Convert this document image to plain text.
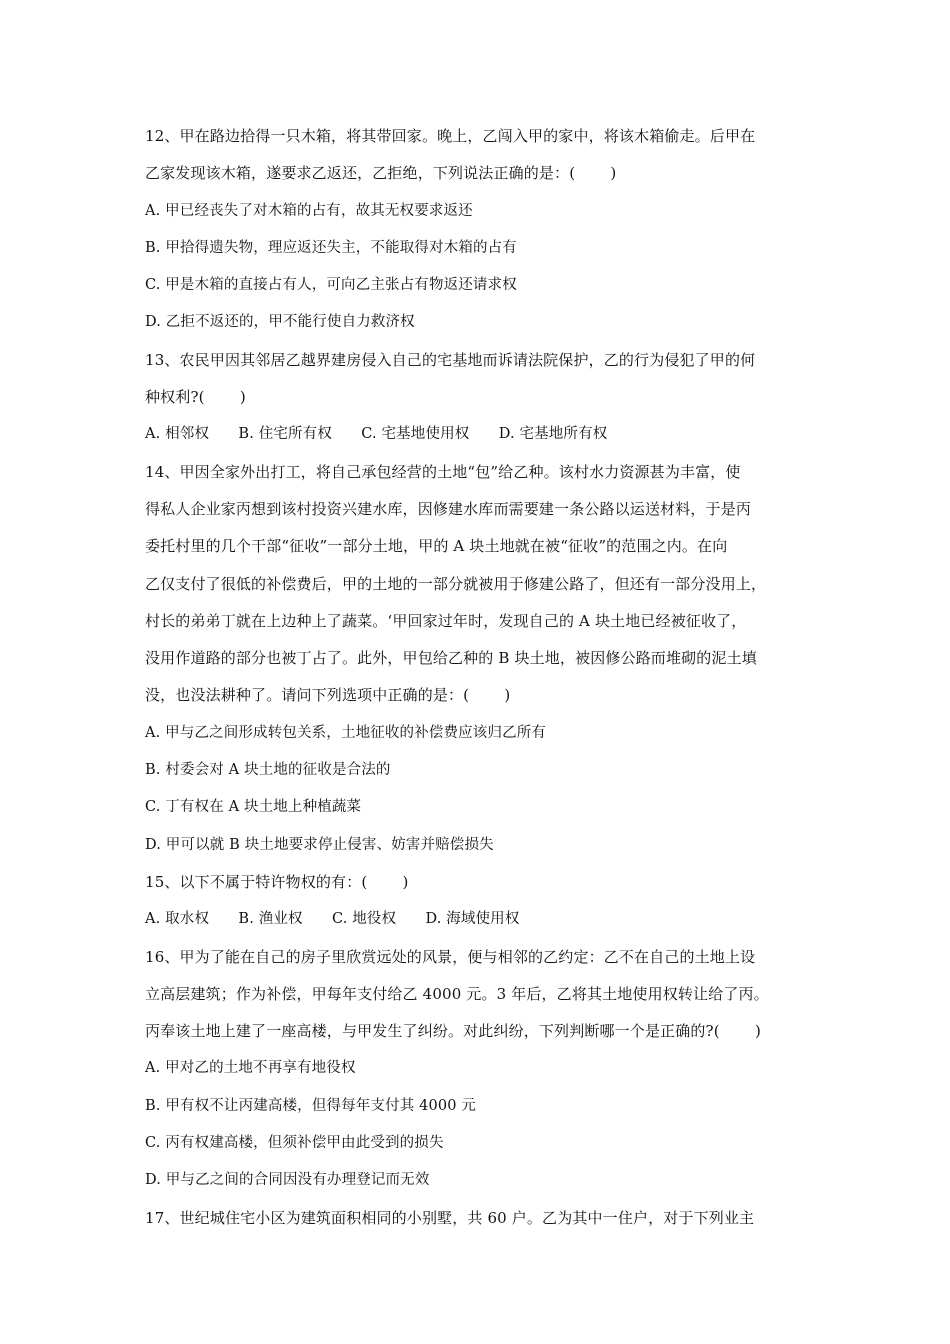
12、甲在路边拾得一只木箱，将其带回家。晚上，乙闯入甲的家中，将该木箱偷走。后甲在
乙家发现该木箱，遂要求乙返还，乙拒绝，下列说法正确的是：(　　 )
A. 甲已经丧失了对木箱的占有，故其无权要求返还
B. 甲拾得遗失物，理应返还失主，不能取得对木箱的占有
C. 甲是木箱的直接占有人，可向乙主张占有物返还请求权
D. 乙拒不返还的，甲不能行使自力救济权
13、农民甲因其邻居乙越界建房侵入自己的宅基地而诉请法院保护，乙的行为侵犯了甲的何
种权利?(　　 )
A. 相邻权　　B. 住宅所有权　　C. 宅基地使用权　　D. 宅基地所有权
14、甲因全家外出打工，将自己承包经营的土地“包”给乙种。该村水力资源甚为丰富，使
得私人企业家丙想到该村投资兴建水库，因修建水库而需要建一条公路以运送材料，于是丙
委托村里的几个干部“征收”一部分土地，甲的 A 块土地就在被“征收”的范围之内。在向
乙仅支付了很低的补偿费后，甲的土地的一部分就被用于修建公路了，但还有一部分没用上，
村长的弟弟丁就在上边种上了蔬菜。‘甲回家过年时，发现自己的 A 块土地已经被征收了，
没用作道路的部分也被丁占了。此外，甲包给乙种的 B 块土地，被因修公路而堆砌的泥土填
没，也没法耕种了。请问下列选项中正确的是：(　　 )
A. 甲与乙之间形成转包关系，土地征收的补偿费应该归乙所有
B. 村委会对 A 块土地的征收是合法的
C. 丁有权在 A 块土地上种植蔬菜
D. 甲可以就 B 块土地要求停止侵害、妨害并赔偿损失
15、以下不属于特许物权的有：(　　 )
A. 取水权　　B. 渔业权　　C. 地役权　　D. 海域使用权
16、甲为了能在自己的房子里欣赏远处的风景，便与相邻的乙约定：乙不在自己的土地上设
立高层建筑；作为补偿，甲每年支付给乙 4000 元。3 年后，乙将其土地使用权转让给了丙。
丙奉该土地上建了一座高楼，与甲发生了纠纷。对此纠纷，下列判断哪一个是正确的?(　　 )
A. 甲对乙的土地不再享有地役权
B. 甲有权不让丙建高楼，但得每年支付其 4000 元
C. 丙有权建高楼，但须补偿甲由此受到的损失
D. 甲与乙之间的合同因没有办理登记而无效
17、世纪城住宅小区为建筑面积相同的小别墅，共 60 户。乙为其中一住户，对于下列业主
